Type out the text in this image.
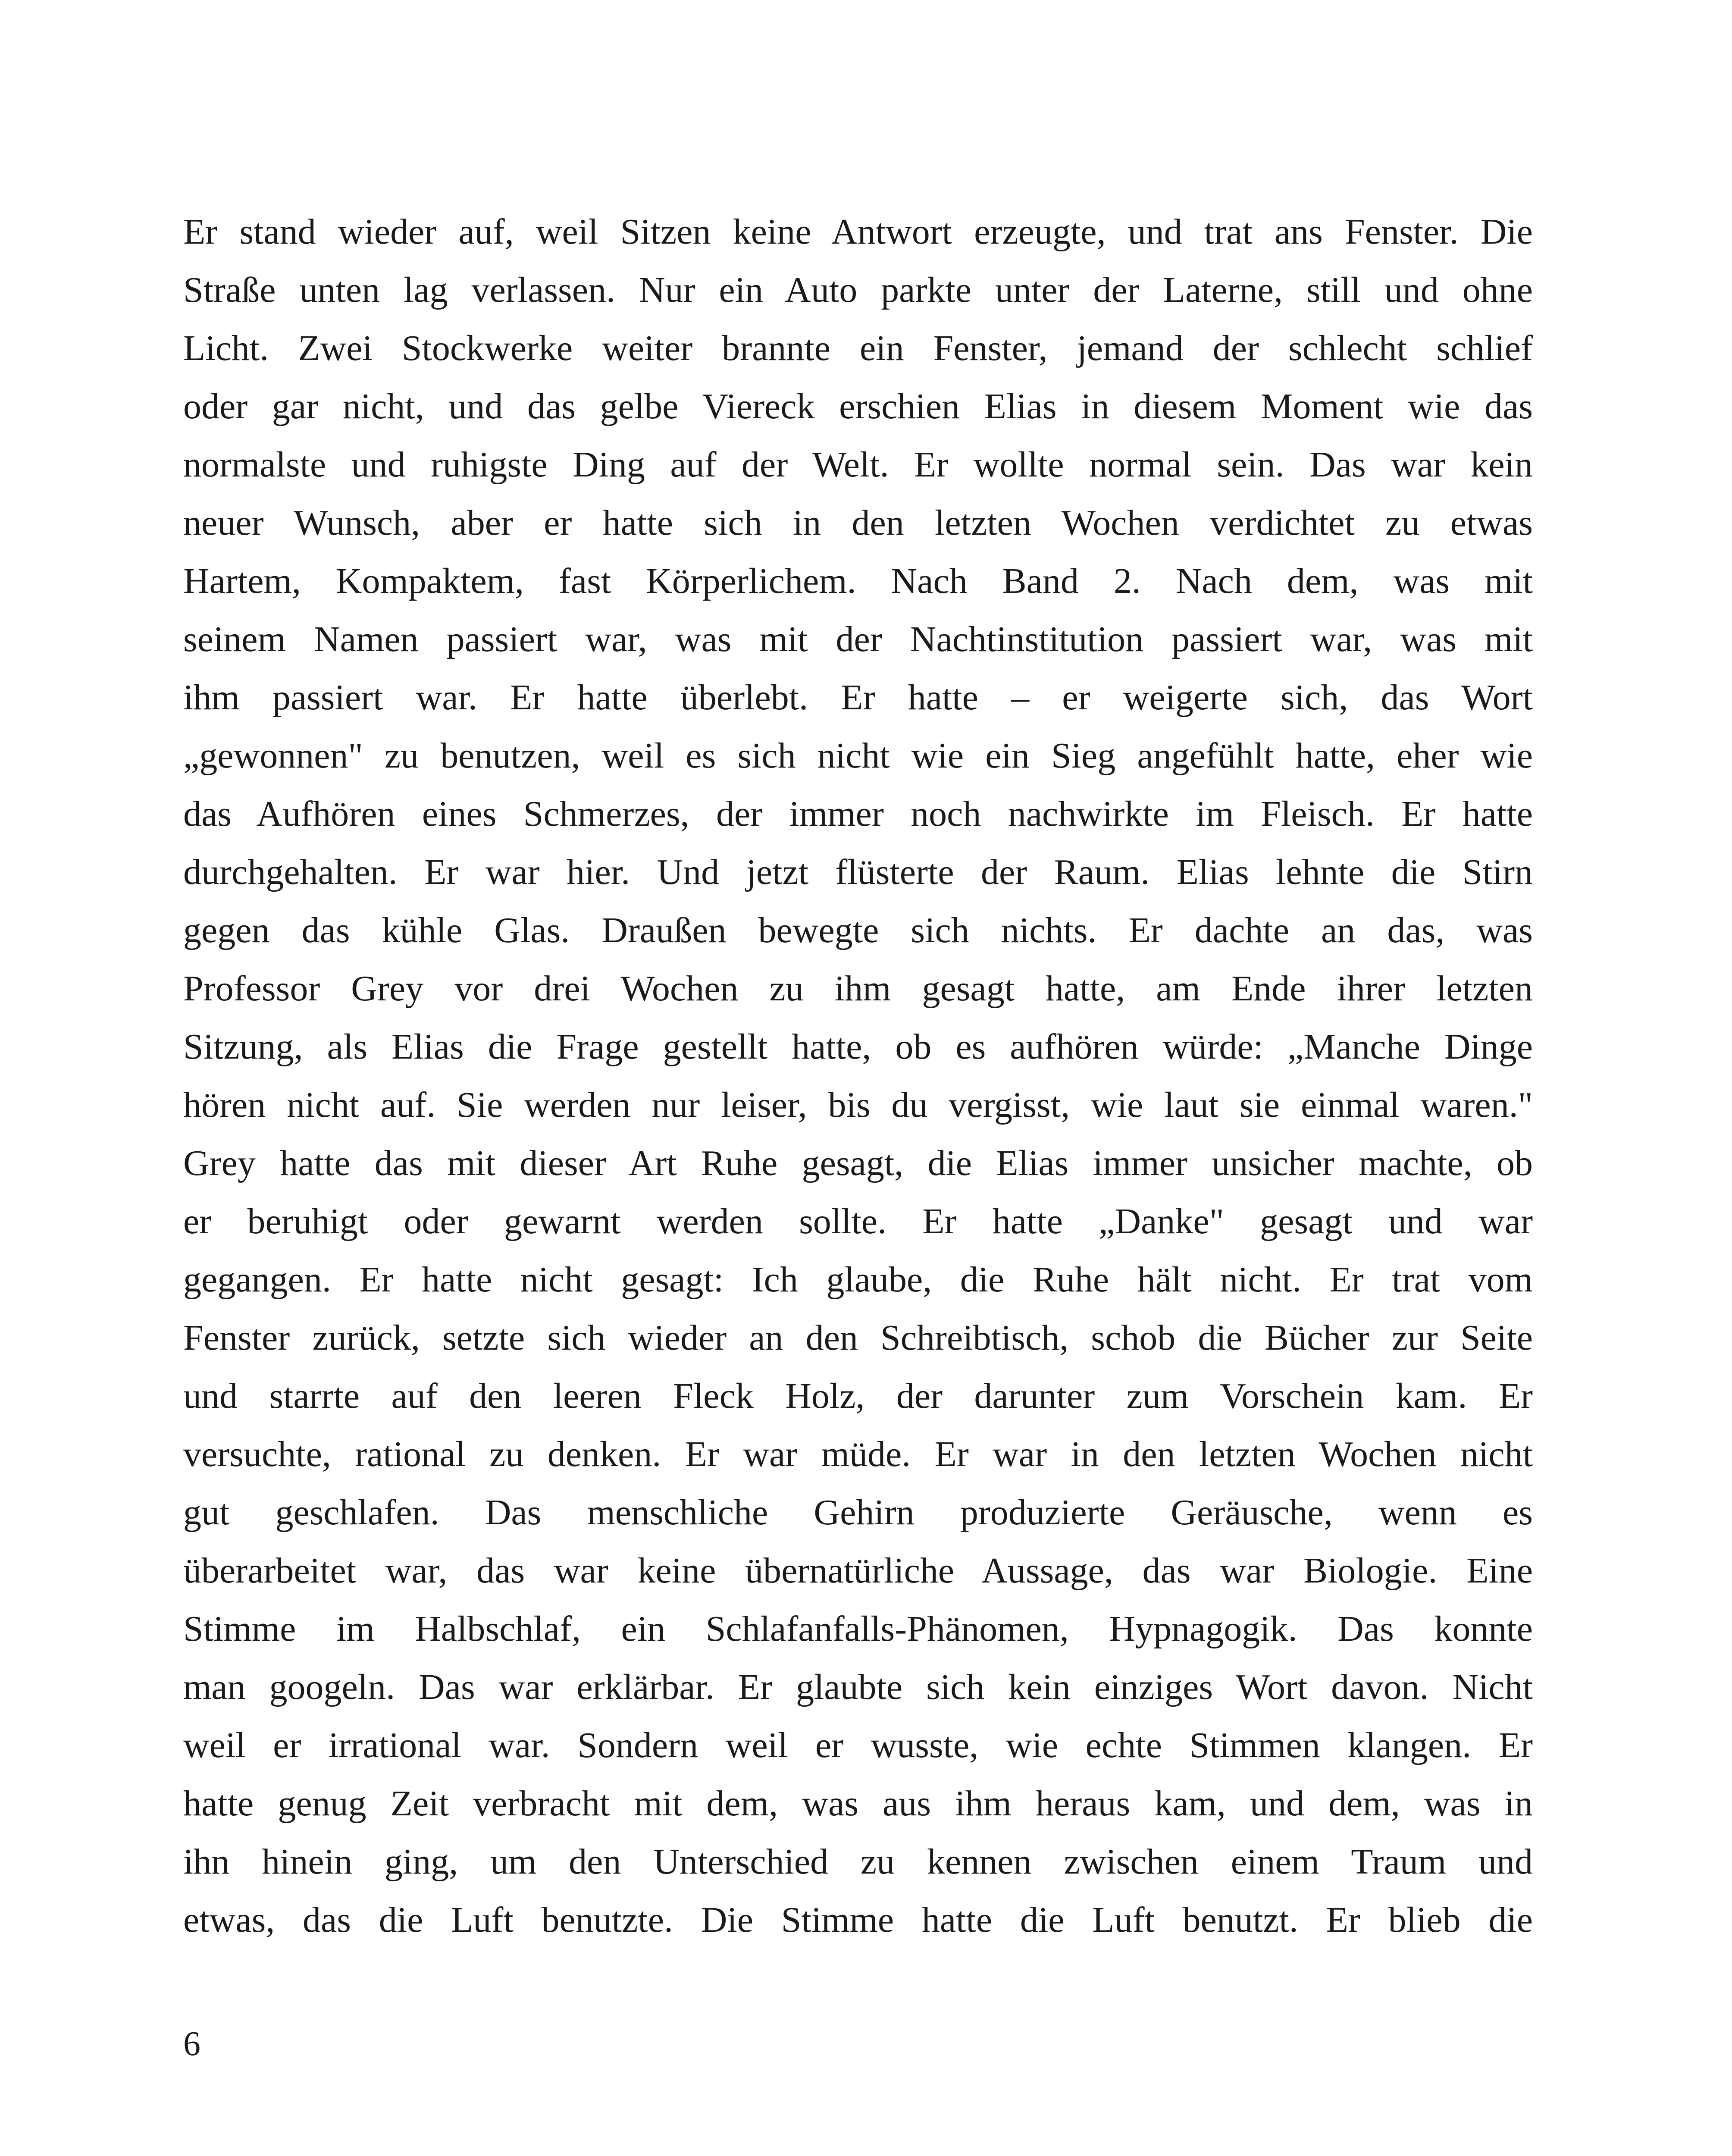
Er stand wieder auf, weil Sitzen keine Antwort erzeugte, und trat ans Fenster. Die
Straße unten lag verlassen. Nur ein Auto parkte unter der Laterne, still und ohne
Licht. Zwei Stockwerke weiter brannte ein Fenster, jemand der schlecht schlief
oder gar nicht, und das gelbe Viereck erschien Elias in diesem Moment wie das
normalste und ruhigste Ding auf der Welt. Er wollte normal sein. Das war kein
neuer Wunsch, aber er hatte sich in den letzten Wochen verdichtet zu etwas
Hartem, Kompaktem, fast Körperlichem. Nach Band 2. Nach dem, was mit
seinem Namen passiert war, was mit der Nachtinstitution passiert war, was mit
ihm passiert war. Er hatte überlebt. Er hatte – er weigerte sich, das Wort
„gewonnen" zu benutzen, weil es sich nicht wie ein Sieg angefühlt hatte, eher wie
das Aufhören eines Schmerzes, der immer noch nachwirkte im Fleisch. Er hatte
durchgehalten. Er war hier. Und jetzt flüsterte der Raum. Elias lehnte die Stirn
gegen das kühle Glas. Draußen bewegte sich nichts. Er dachte an das, was
Professor Grey vor drei Wochen zu ihm gesagt hatte, am Ende ihrer letzten
Sitzung, als Elias die Frage gestellt hatte, ob es aufhören würde: „Manche Dinge
hören nicht auf. Sie werden nur leiser, bis du vergisst, wie laut sie einmal waren."
Grey hatte das mit dieser Art Ruhe gesagt, die Elias immer unsicher machte, ob
er beruhigt oder gewarnt werden sollte. Er hatte „Danke" gesagt und war
gegangen. Er hatte nicht gesagt: Ich glaube, die Ruhe hält nicht. Er trat vom
Fenster zurück, setzte sich wieder an den Schreibtisch, schob die Bücher zur Seite
und starrte auf den leeren Fleck Holz, der darunter zum Vorschein kam. Er
versuchte, rational zu denken. Er war müde. Er war in den letzten Wochen nicht
gut geschlafen. Das menschliche Gehirn produzierte Geräusche, wenn es
überarbeitet war, das war keine übernatürliche Aussage, das war Biologie. Eine
Stimme im Halbschlaf, ein Schlafanfalls-Phänomen, Hypnagogik. Das konnte
man googeln. Das war erklärbar. Er glaubte sich kein einziges Wort davon. Nicht
weil er irrational war. Sondern weil er wusste, wie echte Stimmen klangen. Er
hatte genug Zeit verbracht mit dem, was aus ihm heraus kam, und dem, was in
ihn hinein ging, um den Unterschied zu kennen zwischen einem Traum und
etwas, das die Luft benutzte. Die Stimme hatte die Luft benutzt. Er blieb die

6
